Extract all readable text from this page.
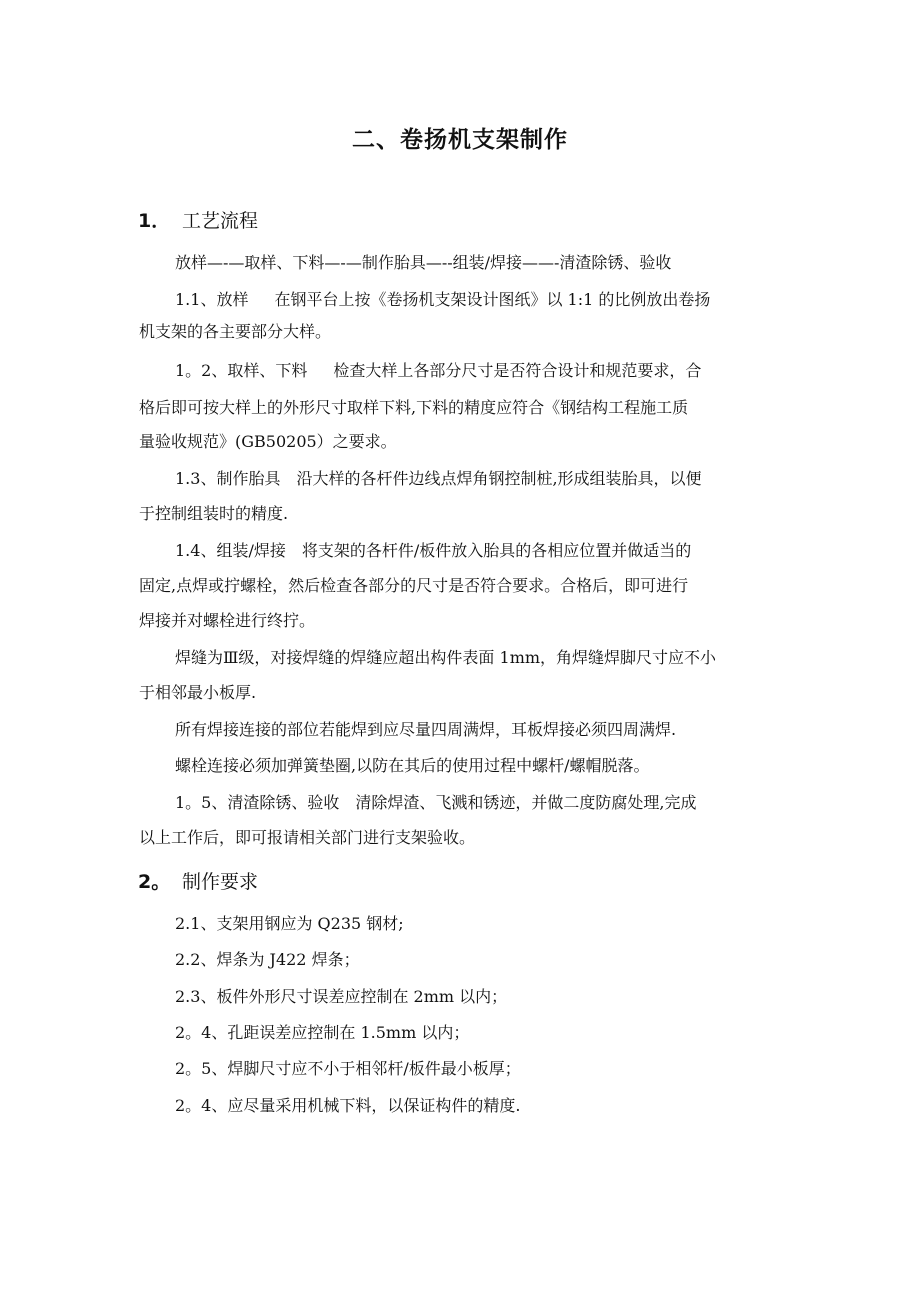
二、卷扬机支架制作
1． 工艺流程
放样—-—取样、下料—-—制作胎具—--组装/焊接——-清渣除锈、验收
1.1、放样 在钢平台上按《卷扬机支架设计图纸》以 1:1 的比例放出卷扬
机支架的各主要部分大样。
1。2、取样、下料 检查大样上各部分尺寸是否符合设计和规范要求，合
格后即可按大样上的外形尺寸取样下料,下料的精度应符合《钢结构工程施工质
量验收规范》(GB50205）之要求。
1.3、制作胎具 沿大样的各杆件边线点焊角钢控制桩,形成组装胎具，以便
于控制组装时的精度.
1.4、组装/焊接 将支架的各杆件/板件放入胎具的各相应位置并做适当的
固定,点焊或拧螺栓，然后检查各部分的尺寸是否符合要求。合格后，即可进行
焊接并对螺栓进行终拧。
焊缝为Ⅲ级，对接焊缝的焊缝应超出构件表面 1mm，角焊缝焊脚尺寸应不小
于相邻最小板厚.
所有焊接连接的部位若能焊到应尽量四周满焊，耳板焊接必须四周满焊.
螺栓连接必须加弹簧垫圈,以防在其后的使用过程中螺杆/螺帽脱落。
1。5、清渣除锈、验收 清除焊渣、飞溅和锈迹，并做二度防腐处理,完成
以上工作后，即可报请相关部门进行支架验收。
2。 制作要求
2.1、支架用钢应为 Q235 钢材;
2.2、焊条为 J422 焊条；
2.3、板件外形尺寸误差应控制在 2mm 以内；
2。4、孔距误差应控制在 1.5mm 以内；
2。5、焊脚尺寸应不小于相邻杆/板件最小板厚；
2。4、应尽量采用机械下料，以保证构件的精度.
